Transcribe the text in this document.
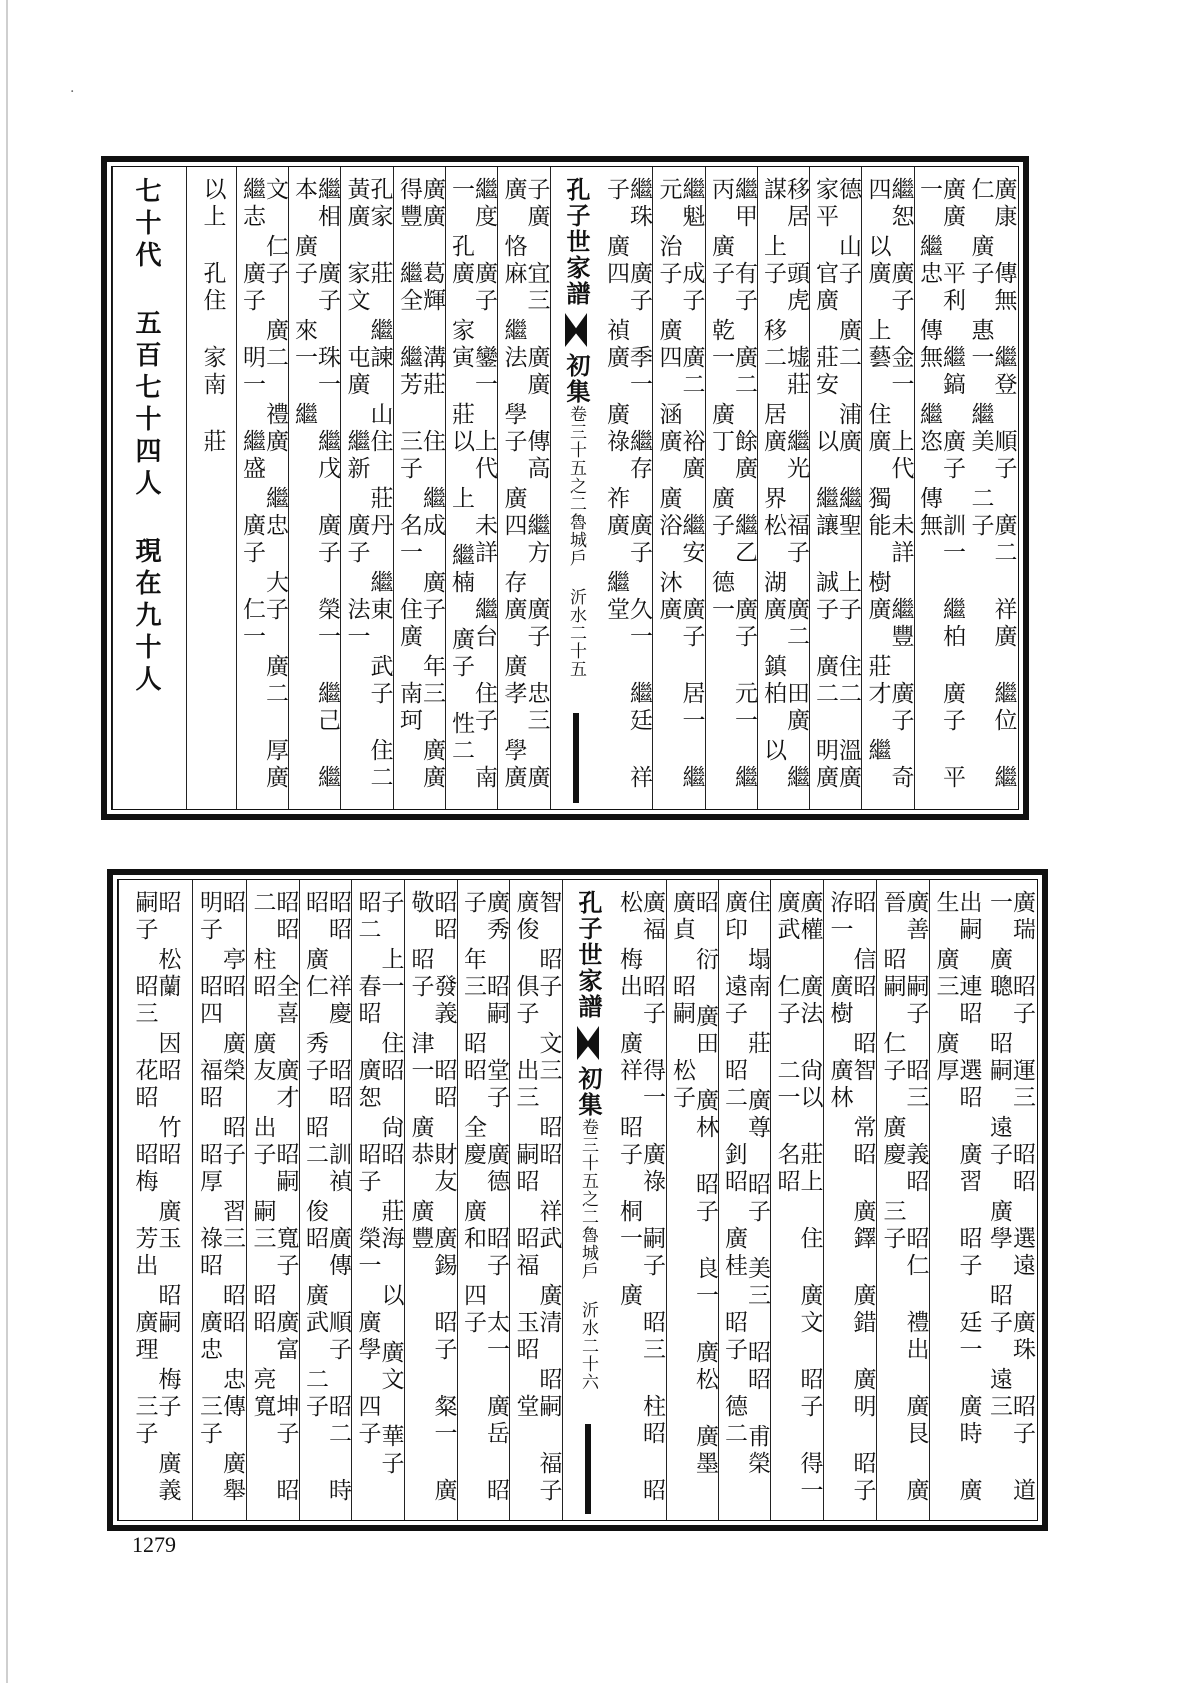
·
廣康 傳無 繼登 順子 廣二 祥廣 繼位 繼仁 廣子 惠一 繼美 二子
廣廣 平利 繼鎬 廣子 訓一 繼柏 廣子 平一 繼忠 傳無 繼恣 傳無
繼恕 廣子 金一 上代 未詳 繼豐 廣子 奇四 以廣 上藝 住廣 獨能 樹廣 莊才 繼
德 山子 廣二 浦廣 繼聖 上子 住二 溫廣 家平 官廣 莊安 以 繼讓 誠子 廣二 明廣
移居 頭虎 墟莊 繼光 福子 廣二 田廣 繼謀 上子 移二 居廣 界松 湖廣 鎮柏 以
繼甲 有子 廣二 餘廣 繼乙 廣子 元一 繼丙 廣子 乾一 廣丁 廣子 德一
繼魁 成子 廣二 裕廣 繼安 廣子 居一 繼元 治子 廣四 涵廣 廣浴 沐廣
繼珠 廣子 季一 繼存 廣子 久一 繼廷 祥子 廣四 禎廣 廣祿 祚廣 繼堂
孔子世家譜
初集
卷三十五之二
魯城戶 沂水
二十五
子廣 宜三 廣廣 傳高 繼方 廣子 忠三 廣廣 恪麻 繼法 學子 廣四 存廣 廣孝 學廣
繼度 廣子 鑾一 上代 未詳 繼台 住子 南一 孔廣 家寅 莊以 上 繼楠 廣子 性二
廣廣 葛輝 溝莊 住 繼成 廣子 年三 廣廣 得豐 繼全 繼芳 三子 名一 住廣 南珂
孔家 莊 繼諫 山住 莊丹 繼東 武子 住二 黃廣 家文 屯廣 繼新 廣子 法一
繼相 廣子 珠一 繼戊 廣子 榮一 繼己 繼本 廣子 來一 繼
文 仁子 廣二 禮廣 繼忠 大子 廣二 厚廣 繼志 廣子 明一 繼盛 廣子 仁一
以上 孔住 家南 莊
七十代 五百七十四人 現在九十人
廣瑞 昭子 運三 昭昭 選遠 廣珠 昭子 道一 廣聰 昭嗣 遠子 廣學 昭子 遠三
出嗣 連昭 選昭 廣習 昭子 廷一 廣時 廣生 廣三 廣厚
廣善 嗣子 昭三 義昭 昭仁 禮出 廣艮 廣晉 昭嗣 仁子 廣慶 三子
昭 信昭 昭智 常昭 廣鐸 廣錯 廣明 昭子 洊一 廣樹 廣林
廣權 廣法 尙以 莊上 住 廣文 昭子 得一 廣武 仁子 二一 名昭
住 塌南 莊 廣尊 昭子 美三 昭昭 甫榮 廣印 遠子 昭二 釗昭 廣桂 昭子 德二
昭 衍 廣田 廣林 昭子 良一 廣松 廣墨 廣貞 昭嗣 松子
廣福 昭子 得一 廣祿 嗣子 昭三 柱昭 昭松 梅出 廣祥 昭子 桐一 廣
孔子世家譜
初集
卷三十五之二
魯城戶 沂水
二十六
智 昭子 文三 昭昭 祥武 廣清 昭嗣 福子 廣俊 俱子 出三 嗣昭 昭福 玉昭 堂
廣秀 昭嗣 堂子 廣德 昭子 太一 廣岳 昭子 年三 昭昭 全慶 廣和 四子
昭昭 發義 昭昭 財友 廣錫 昭子 粲一 廣敬 昭子 津一 廣恭 廣豐
子 上一 住昭 尙昭 莊海 以 廣文 華子 昭二 春昭 廣恕 昭子 榮一 廣學 四子
昭昭 祥慶 昭昭 訓禎 廣傳 順子 昭二 時昭 廣仁 秀子 昭二 俊昭 廣武 二子
昭昭 全喜 廣才 昭嗣 寬子 廣富 坤子 昭二 柱昭 廣友 出子 嗣三 昭昭 亮寬
昭 亭昭 廣榮 昭子 習三 昭昭 忠傳 廣舉 明子 昭四 福昭 昭厚 祿昭 廣忠 三子
昭 松蘭 因昭 竹昭 廣玉 昭嗣 梅子 廣義 嗣子 昭三 花昭 昭梅 芳出 廣理 三子
1279
